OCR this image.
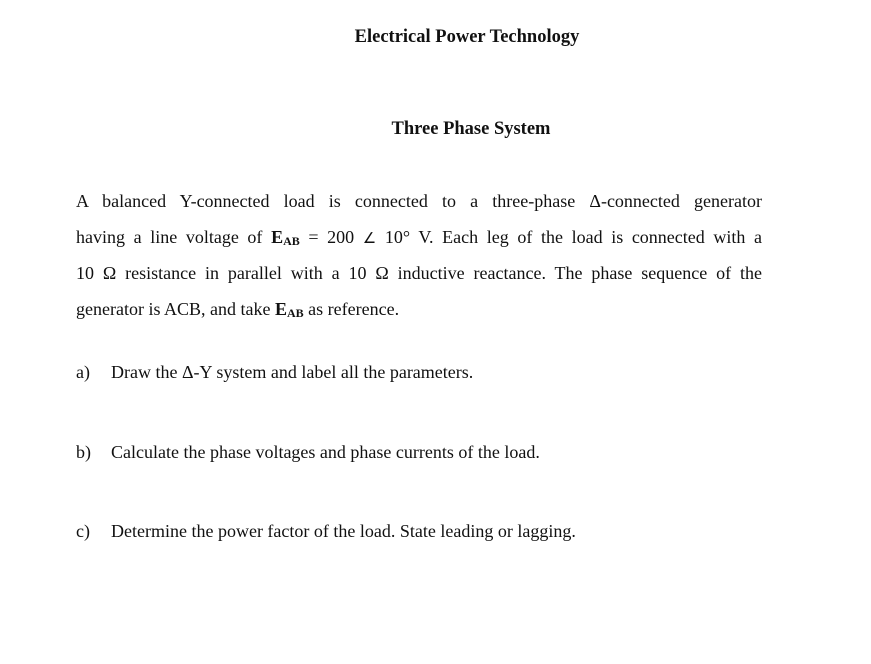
Electrical Power Technology
Three Phase System
A balanced Y-connected load is connected to a three-phase Δ-connected generator
having a line voltage of $E_{AB} = 200$ ∠ 10° V. Each leg of the load is connected with a
10 Ω resistance in parallel with a 10 Ω inductive reactance. The phase sequence of the
generator is ACB, and take $E_{AB}$ as reference.

a) Draw the Δ-Y system and label all the parameters.

b) Calculate the phase voltages and phase currents of the load.

c) Determine the power factor of the load. State leading or lagging.
